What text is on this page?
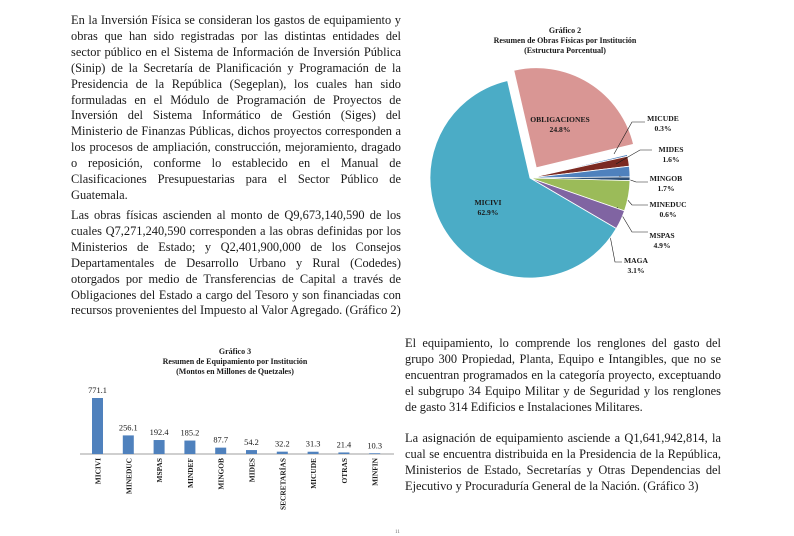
En la Inversión Física se consideran los gastos de equipamiento y obras que han sido registradas por las distintas entidades del sector público en el Sistema de Información de Inversión Pública (Sinip) de la Secretaría de Planificación y Programación de la Presidencia de la República (Segeplan), los cuales han sido formuladas en el Módulo de Programación de Proyectos de Inversión del Sistema Informático de Gestión (Siges) del Ministerio de Finanzas Públicas, dichos proyectos corresponden a los procesos de ampliación, construcción, mejoramiento, dragado o reposición, conforme lo establecido en el Manual de Clasificaciones Presupuestarias para el Sector Público de Guatemala.

Las obras físicas ascienden al monto de Q9,673,140,590 de los cuales Q7,271,240,590 corresponden a las obras definidas por los Ministerios de Estado; y Q2,401,900,000 de los Consejos Departamentales de Desarrollo Urbano y Rural (Codedes) otorgados por medio de Transferencias de Capital a través de Obligaciones del Estado a cargo del Tesoro y son financiadas con recursos provenientes del Impuesto al Valor Agregado. (Gráfico 2)

El equipamiento, lo comprende los renglones del gasto del grupo 300 Propiedad, Planta, Equipo e Intangibles, que no se encuentran programados en la categoría proyecto, exceptuando el subgrupo 34 Equipo Militar y de Seguridad y los renglones de gasto 314 Edificios e Instalaciones Militares.

La asignación de equipamiento asciende a Q1,641,942,814, la cual se encuentra distribuida en la Presidencia de la República, Ministerios de Estado, Secretarías y Otras Dependencias del Ejecutivo y Procuraduría General de la Nación. (Gráfico 3)

Gráfico 2
Resumen de Obras Físicas por Institución
(Estructura Porcentual)
Gráfico 3
Resumen de Equipamiento por Institución
(Montos en Millones de Quetzales)
OBLIGACIONES
24.8%
MICUDE
0.3%
MIDES
1.6%
MINGOB
1.7%
MINEDUC
0.6%
MSPAS
4.9%
MAGA
3.1%
MICIVI
62.9%
771.1
MICIVI
256.1
MINEDUC
192.4
MSPAS
185.2
MINDEF
87.7
MINGOB
54.2
MIDES
32.2
SECRETARÍAS
31.3
MICUDE
21.4
OTRAS
10.3
MINFIN
11
